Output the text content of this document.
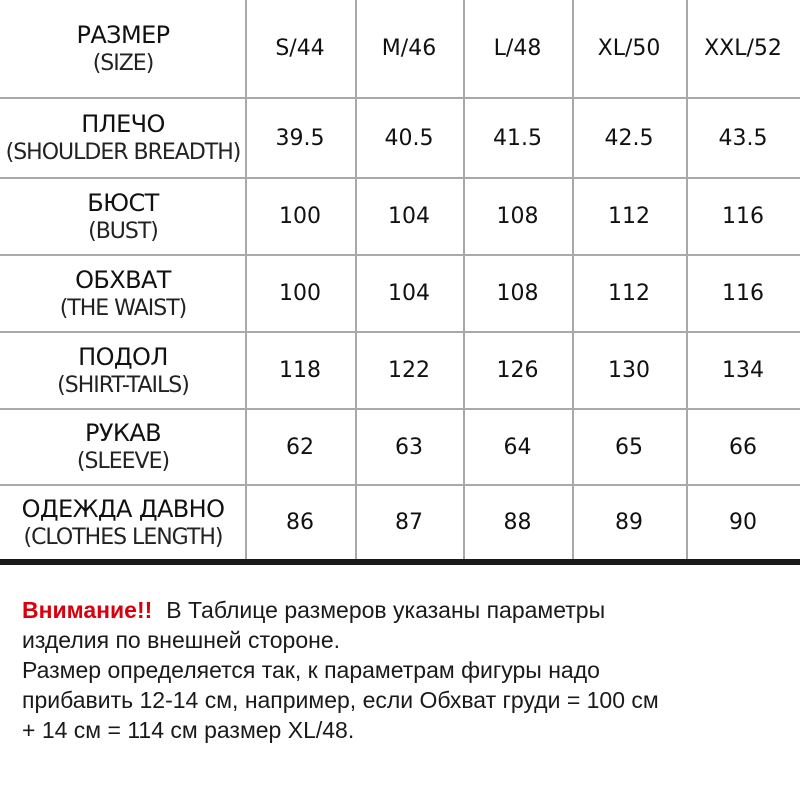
РАЗМЕР
(SIZE)
S/44	M/46	L/48	XL/50	XXL/52
ПЛЕЧО
(SHOULDER BREADTH)
39.5	40.5	41.5	42.5	43.5
БЮСТ
(BUST)
100	104	108	112	116
ОБХВАТ
(THE WAIST)
100	104	108	112	116
ПОДОЛ
(SHIRT-TAILS)
118	122	126	130	134
РУКАВ
(SLEEVE)
62	63	64	65	66
ОДЕЖДА ДАВНО
(CLOTHES LENGTH)
86	87	88	89	90

Внимание!! В Таблице размеров указаны параметры

изделия по внешней стороне.

Размер определяется так, к параметрам фигуры надо

прибавить 12-14 см, например, если Обхват груди = 100 см

+ 14 см = 114 см размер XL/48.
